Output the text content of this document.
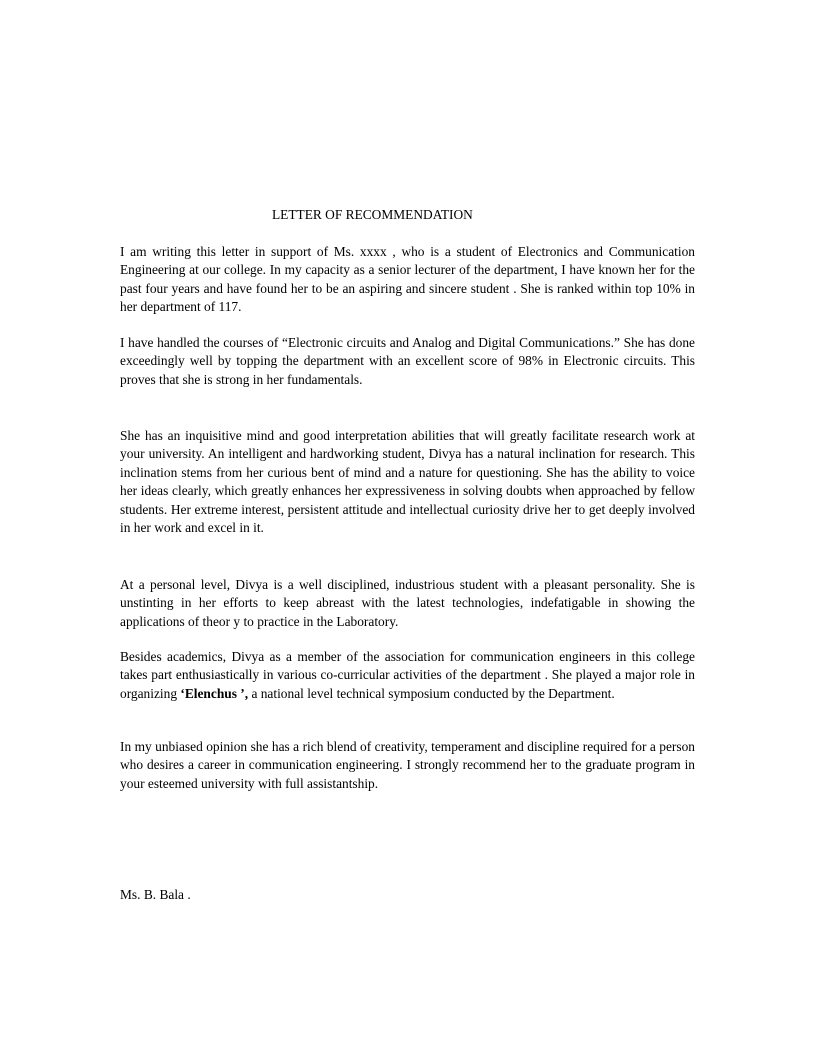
LETTER OF RECOMMENDATION

I am writing this letter in support of Ms. xxxx , who is a student of Electronics and Communication Engineering at our college. In my capacity as a senior lecturer of the department, I have known her for the past four years and have found her to be an aspiring and sincere student . She is ranked within top 10% in her department of 117.

I have handled the courses of “Electronic circuits and Analog and Digital Communications.” She has done exceedingly well by topping the department with an excellent score of 98% in Electronic circuits. This proves that she is strong in her fundamentals.

She has an inquisitive mind and good interpretation abilities that will greatly facilitate research work at your university. An intelligent and hardworking student, Divya has a natural inclination for research. This inclination stems from her curious bent of mind and a nature for questioning. She has the ability to voice her ideas clearly, which greatly enhances her expressiveness in solving doubts when approached by fellow students. Her extreme interest, persistent attitude and intellectual curiosity drive her to get deeply involved in her work and excel in it.

At a personal level, Divya is a well disciplined, industrious student with a pleasant personality. She is unstinting in her efforts to keep abreast with the latest technologies, indefatigable in showing the applications of theor y to practice in the Laboratory.

Besides academics, Divya as a member of the association for communication engineers in this college takes part enthusiastically in various co-curricular activities of the department . She played a major role in organizing ‘Elenchus ’, a national level technical symposium conducted by the Department.

In my unbiased opinion she has a rich blend of creativity, temperament and discipline required for a person who desires a career in communication engineering. I strongly recommend her to the graduate program in your esteemed university with full assistantship.

Ms. B. Bala .
